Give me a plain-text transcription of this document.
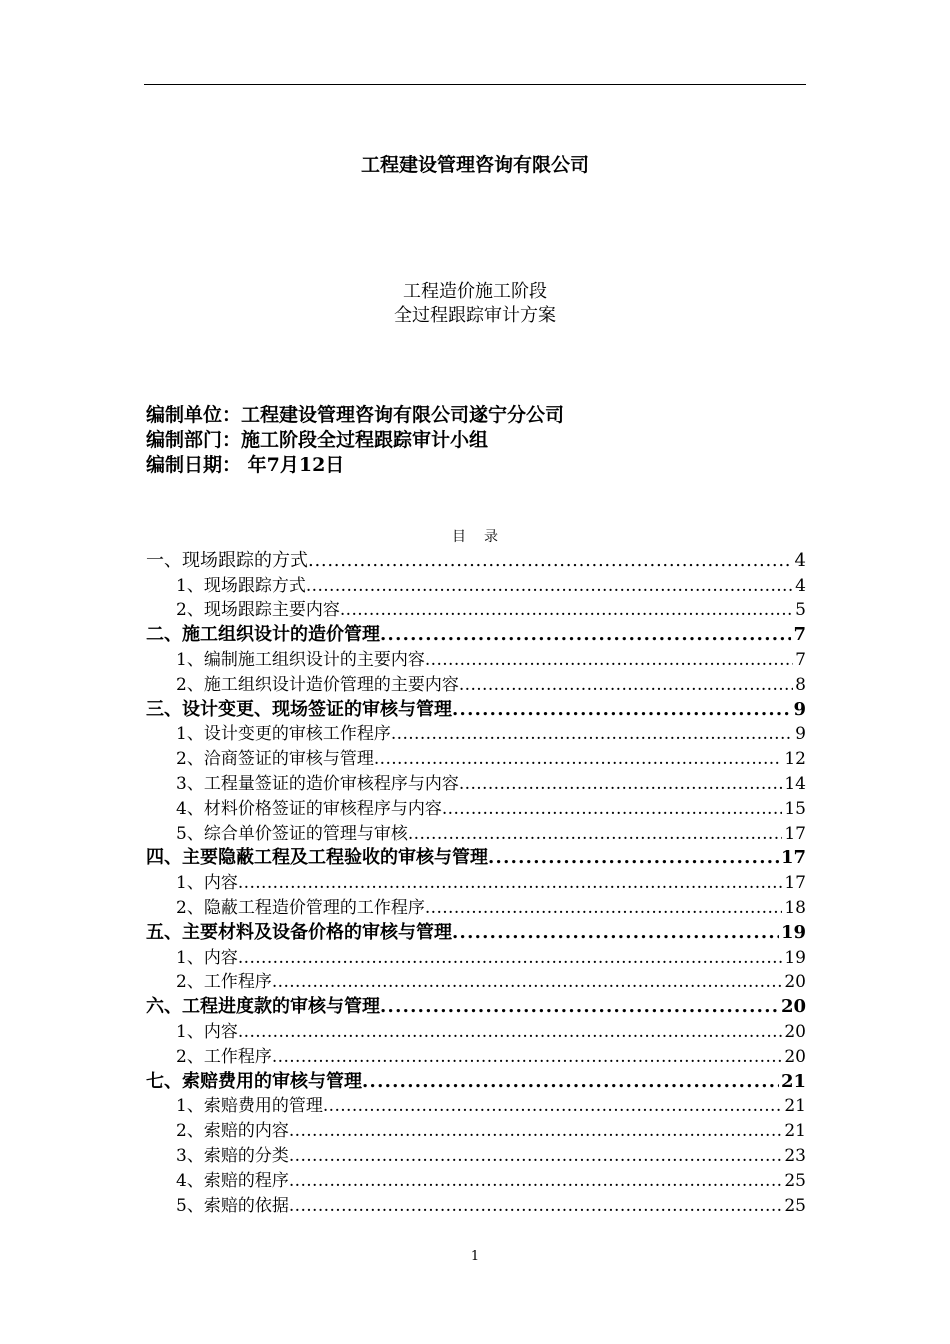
工程建设管理咨询有限公司
工程造价施工阶段
全过程跟踪审计方案
编制单位：工程建设管理咨询有限公司遂宁分公司
编制部门：施工阶段全过程跟踪审计小组
编制日期： 年7月12日
目录
一、现场跟踪的方式 . . .	4
1、现场跟踪方式 . . .	4
2、现场跟踪主要内容 . . .	5
二、施工组织设计的造价管理 . . .	7
1、编制施工组织设计的主要内容 . . .	7
2、施工组织设计造价管理的主要内容 . . .	8
三、设计变更、现场签证的审核与管理 . . .	9
1、设计变更的审核工作程序 . . .	9
2、洽商签证的审核与管理 . . .	12
3、工程量签证的造价审核程序与内容 . . .	14
4、材料价格签证的审核程序与内容 . . .	15
5、综合单价签证的管理与审核 . . .	17
四、主要隐蔽工程及工程验收的审核与管理 . . .	17
1、内容 . . .	17
2、隐蔽工程造价管理的工作程序 . . .	18
五、主要材料及设备价格的审核与管理 . . .	19
1、内容 . . .	19
2、工作程序 . . .	20
六、工程进度款的审核与管理 . . .	20
1、内容 . . .	20
2、工作程序 . . .	20
七、索赔费用的审核与管理 . . .	21
1、索赔费用的管理 . . .	21
2、索赔的内容 . . .	21
3、索赔的分类 . . .	23
4、索赔的程序 . . .	25
5、索赔的依据 . . .	25
1
